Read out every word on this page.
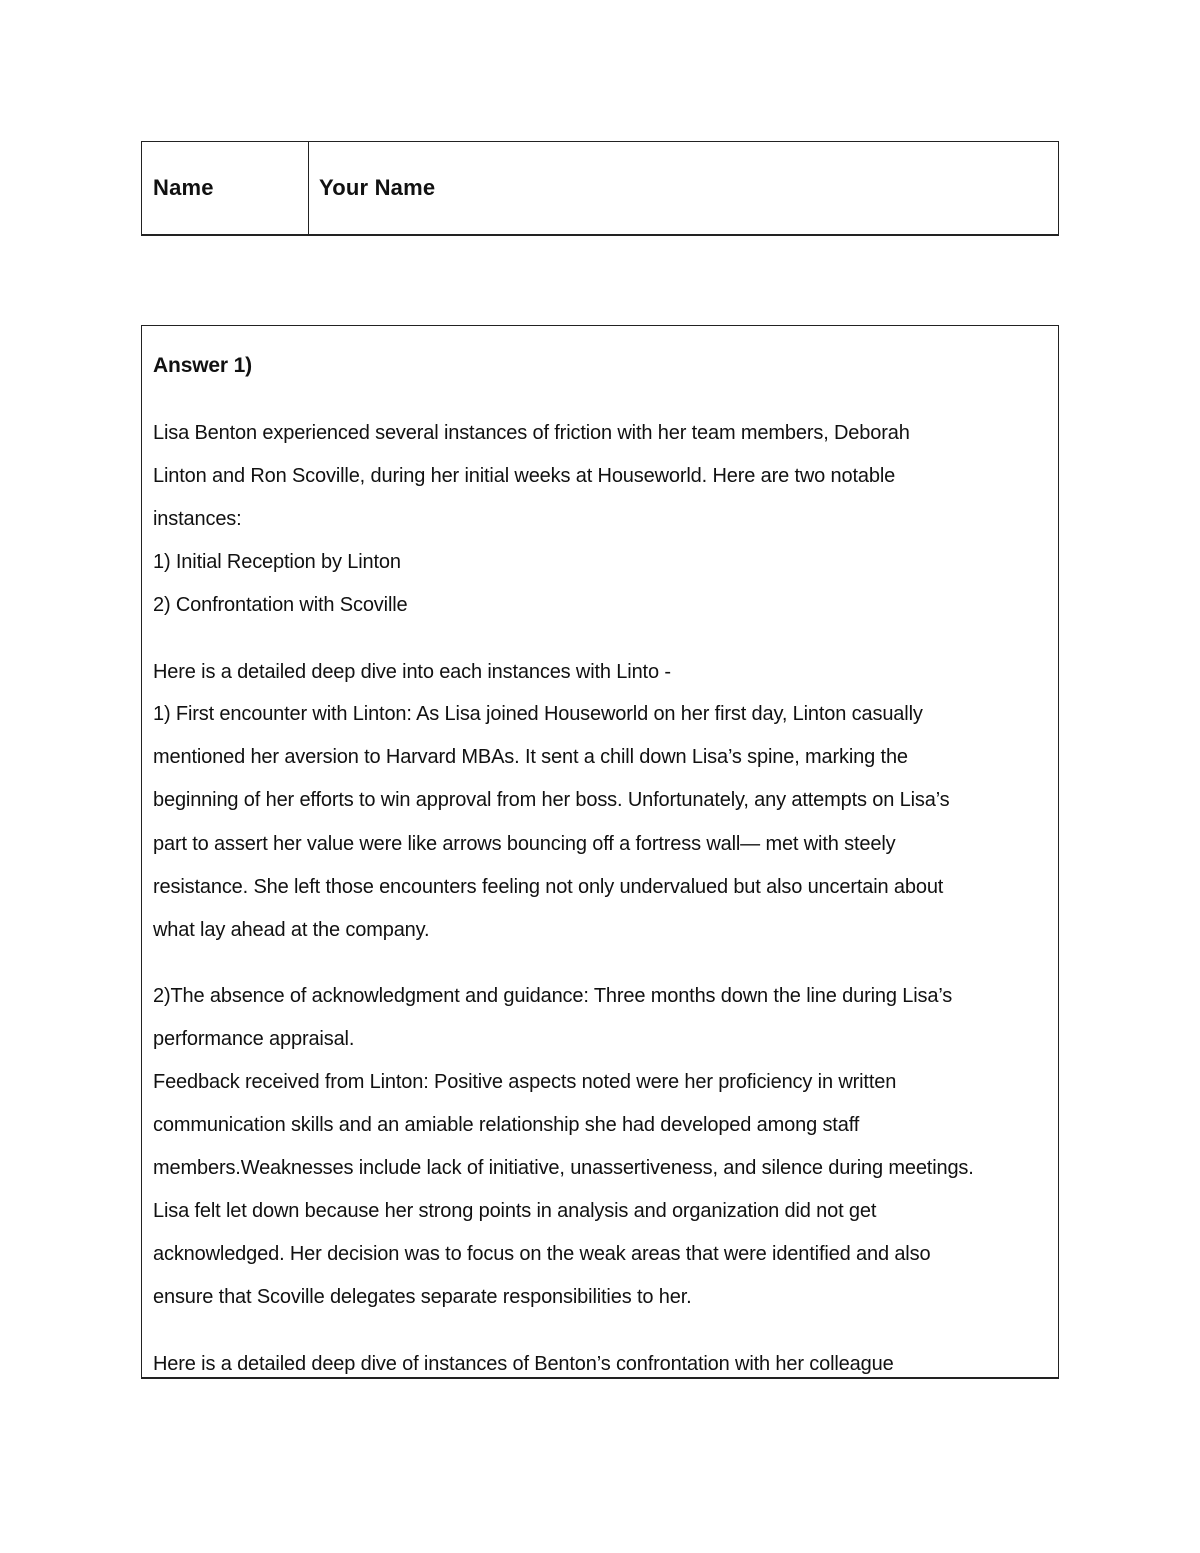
Name	Your Name
Answer 1)
Lisa Benton experienced several instances of friction with her team members, Deborah
Linton and Ron Scoville, during her initial weeks at Houseworld. Here are two notable
instances:
1) Initial Reception by Linton
2) Confrontation with Scoville
Here is a detailed deep dive into each instances with Linto -
1) First encounter with Linton: As Lisa joined Houseworld on her first day, Linton casually
mentioned her aversion to Harvard MBAs. It sent a chill down Lisa’s spine, marking the
beginning of her efforts to win approval from her boss. Unfortunately, any attempts on Lisa’s
part to assert her value were like arrows bouncing off a fortress wall— met with steely
resistance. She left those encounters feeling not only undervalued but also uncertain about
what lay ahead at the company.
2)The absence of acknowledgment and guidance: Three months down the line during Lisa’s
performance appraisal.
Feedback received from Linton: Positive aspects noted were her proficiency in written
communication skills and an amiable relationship she had developed among staff
members.Weaknesses include lack of initiative, unassertiveness, and silence during meetings.
Lisa felt let down because her strong points in analysis and organization did not get
acknowledged. Her decision was to focus on the weak areas that were identified and also
ensure that Scoville delegates separate responsibilities to her.
Here is a detailed deep dive of instances of Benton’s confrontation with her colleague
